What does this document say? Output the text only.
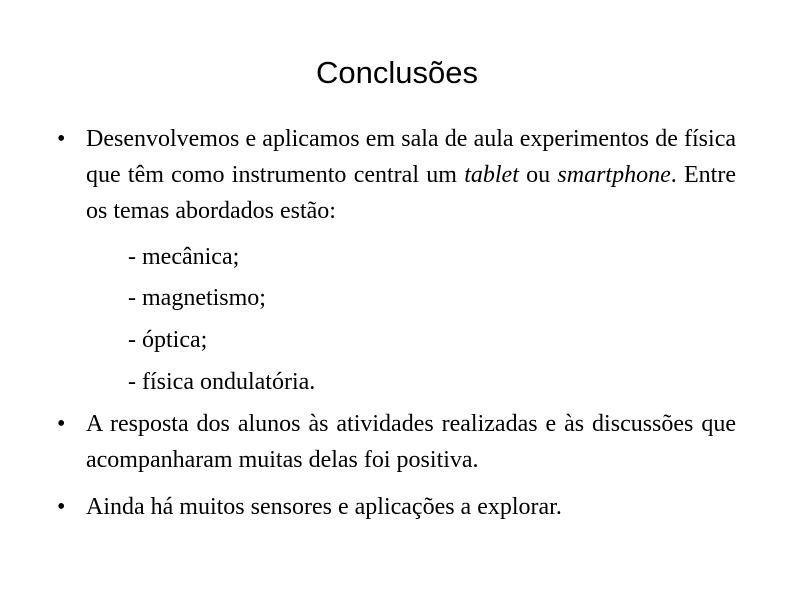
Conclusões
• Desenvolvemos e aplicamos em sala de aula experimentos de física que têm como instrumento central um tablet ou smartphone. Entre os temas abordados estão:
- mecânica;
- magnetismo;
- óptica;
- física ondulatória.
• A resposta dos alunos às atividades realizadas e às discussões que acompanharam muitas delas foi positiva.
• Ainda há muitos sensores e aplicações a explorar.
